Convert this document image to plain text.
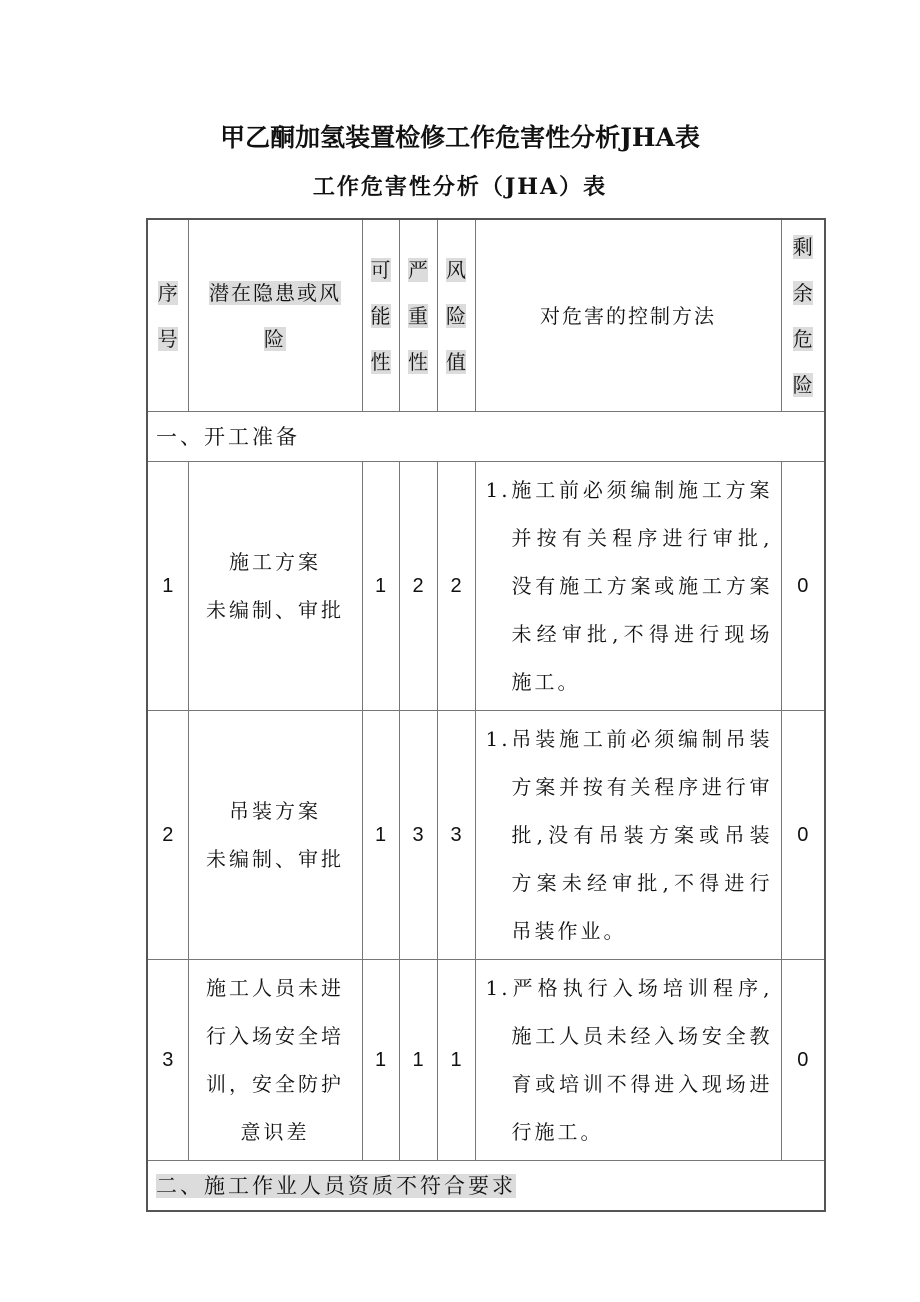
甲乙酮加氢装置检修工作危害性分析JHA表
工作危害性分析（JHA）表
序
号	潜在隐患或风
险	可
能
性	严
重
性	风
险
值	对危害的控制方法	剩
余
危
险
一、开工准备						
1	施工方案
未编制、审批	1	2	2	1.施工前必须编制施工方案并按有关程序进行审批,没有施工方案或施工方案未经审批,不得进行现场施工。	0
2	吊装方案
未编制、审批	1	3	3	1.吊装施工前必须编制吊装方案并按有关程序进行审批,没有吊装方案或吊装方案未经审批,不得进行吊装作业。	0
3	施工人员未进行入场安全培训，安全防护意识差	1	1	1	1.严格执行入场培训程序,施工人员未经入场安全教育或培训不得进入现场进行施工。	0
二、施工作业人员资质不符合要求						
